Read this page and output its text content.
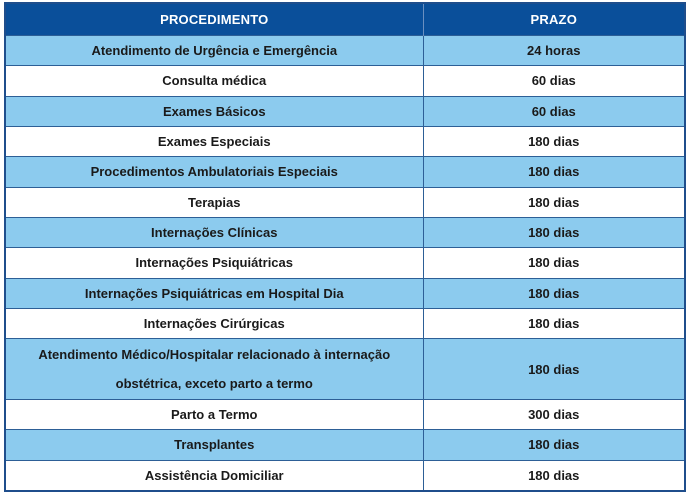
PROCEDIMENTO	PRAZO
Atendimento de Urgência e Emergência	24 horas
Consulta médica	60 dias
Exames Básicos	60 dias
Exames Especiais	180 dias
Procedimentos Ambulatoriais Especiais	180 dias
Terapias	180 dias
Internações Clínicas	180 dias
Internações Psiquiátricas	180 dias
Internações Psiquiátricas em Hospital Dia	180 dias
Internações Cirúrgicas	180 dias
Atendimento Médico/Hospitalar relacionado à internação obstétrica, exceto parto a termo	180 dias
Parto a Termo	300 dias
Transplantes	180 dias
Assistência Domiciliar	180 dias
